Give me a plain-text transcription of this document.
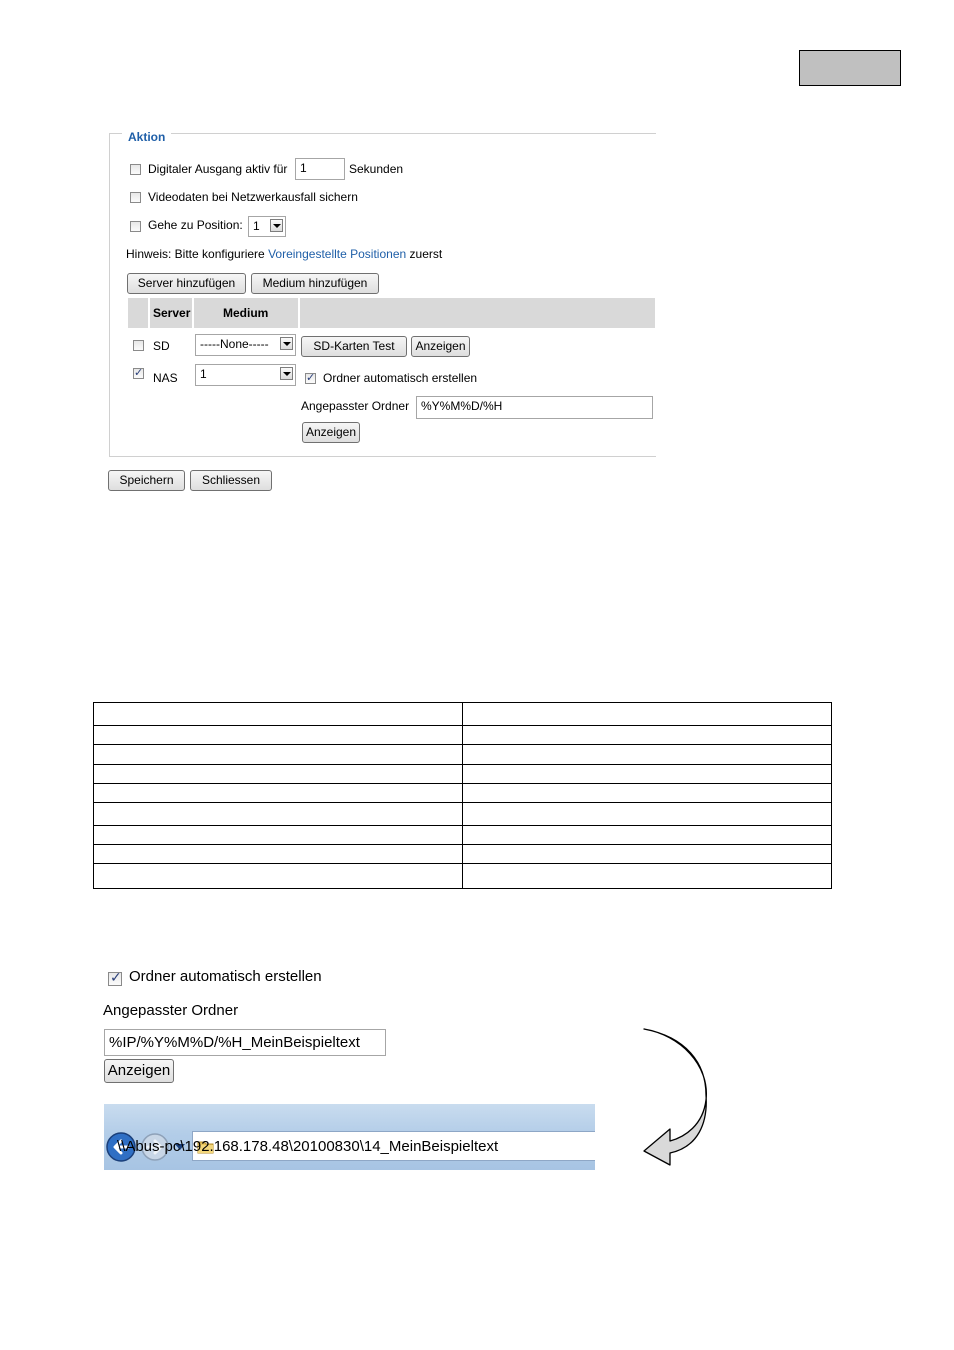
Aktion
Digitaler Ausgang aktiv für	1	Sekunden
Videodaten bei Netzwerkausfall sichern
Gehe zu Position: 1
Hinweis: Bitte konfiguriere Voreingestellte Positionen zuerst
Server hinzufügen	Medium hinzufügen
Server	Medium
SD	-----None-----	SD-Karten Test	Anzeigen
✓
NAS	1
✓	Ordner automatisch erstellen
Angepasster Ordner %Y%M%D/%H
Anzeigen
Speichern	Schliessen

✓
Ordner automatisch erstellen
Angepasster Ordner
%IP/%Y%M%D/%H_MeinBeispieltext
Anzeigen
\\Abus-pc\192.168.178.48\20100830\14_MeinBeispieltext
